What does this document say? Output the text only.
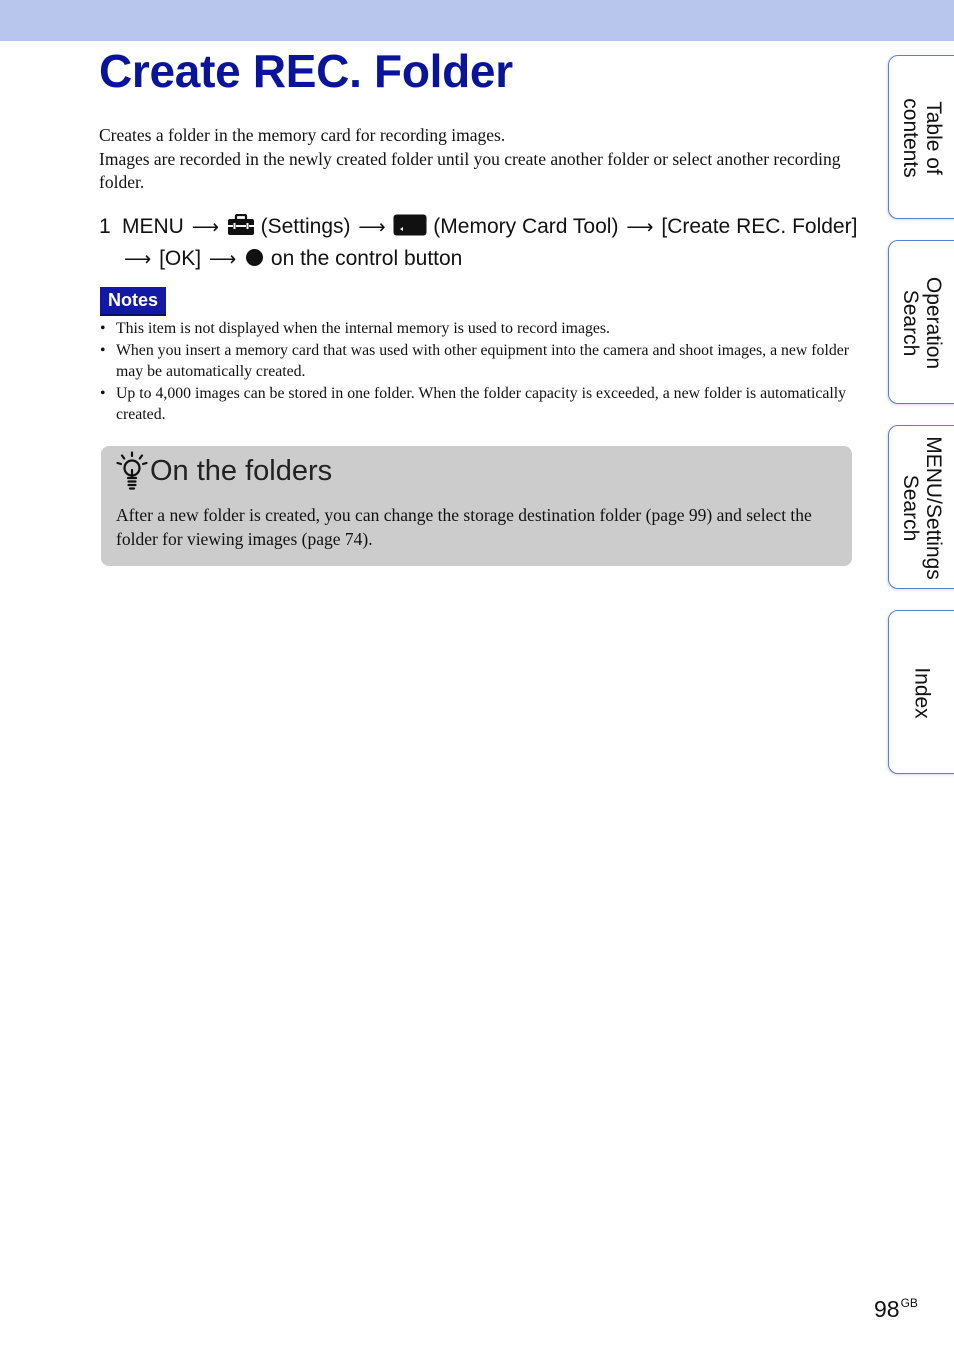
Create REC. Folder

Creates a folder in the memory card for recording images.

Images are recorded in the newly created folder until you create another folder or select another recording folder.

1 MENU ⟶ (Settings) ⟶ (Memory Card Tool) ⟶ [Create REC. Folder] ⟶ [OK] ⟶ on the control button
Notes
• This item is not displayed when the internal memory is used to record images.
• When you insert a memory card that was used with other equipment into the camera and shoot images, a new folder may be automatically created.
• Up to 4,000 images can be stored in one folder. When the folder capacity is exceeded, a new folder is automatically created.
On the folders

After a new folder is created, you can change the storage destination folder (page 99) and select the folder for viewing images (page 74).

Table of
contents
Operation
Search
MENU/Settings
Search
Index
$98^{GB}$
